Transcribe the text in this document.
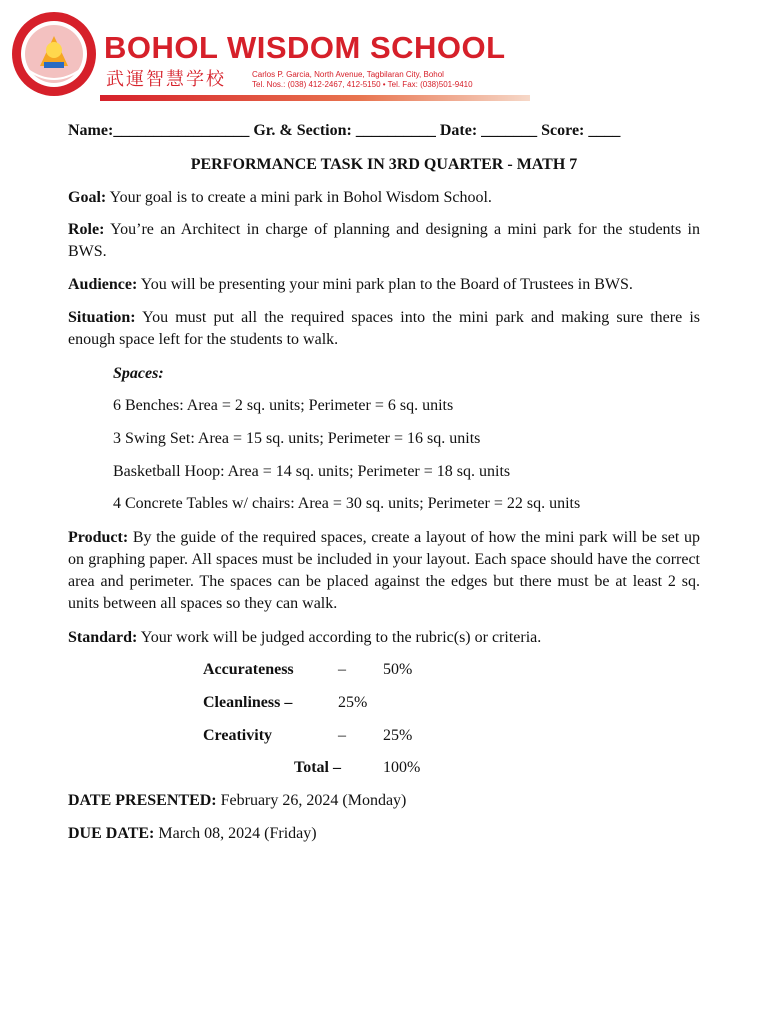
BOHOL WISDOM SCHOOL
武運智慧学校	Carlos P. Garcia, North Avenue, Tagbilaran City, Bohol
Tel. Nos.: (038) 412-2467, 412-5150 • Tel. Fax: (038)501-9410
Name:_________________ Gr. & Section: __________ Date: _______ Score: ____
PERFORMANCE TASK IN 3RD QUARTER - MATH 7
Goal: Your goal is to create a mini park in Bohol Wisdom School.
Role: You’re an Architect in charge of planning and designing a mini park for the students in BWS.
Audience: You will be presenting your mini park plan to the Board of Trustees in BWS.
Situation: You must put all the required spaces into the mini park and making sure there is enough space left for the students to walk.
Spaces:
6 Benches: Area = 2 sq. units; Perimeter = 6 sq. units
3 Swing Set: Area = 15 sq. units; Perimeter = 16 sq. units
Basketball Hoop: Area = 14 sq. units; Perimeter = 18 sq. units
4 Concrete Tables w/ chairs: Area = 30 sq. units; Perimeter = 22 sq. units
Product: By the guide of the required spaces, create a layout of how the mini park will be set up on graphing paper. All spaces must be included in your layout. Each space should have the correct area and perimeter. The spaces can be placed against the edges but there must be at least 2 sq. units between all spaces so they can walk.
Standard: Your work will be judged according to the rubric(s) or criteria.
Accurateness	– 50%
Cleanliness –	25%
Creativity	– 25%
Total –	100%
DATE PRESENTED: February 26, 2024 (Monday)
DUE DATE: March 08, 2024 (Friday)
